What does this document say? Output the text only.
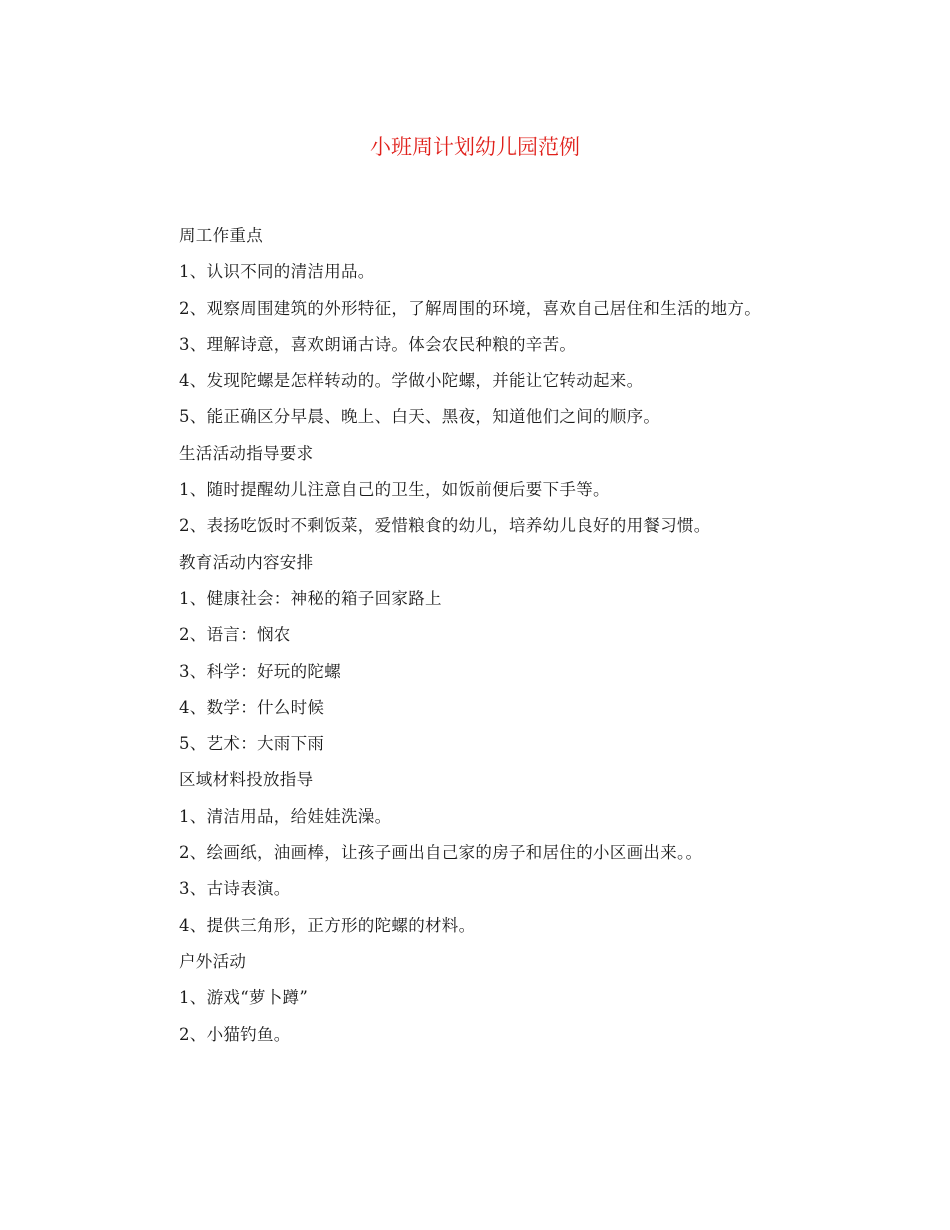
小班周计划幼儿园范例

周工作重点

1、认识不同的清洁用品。

2、观察周围建筑的外形特征，了解周围的环境，喜欢自己居住和生活的地方。

3、理解诗意，喜欢朗诵古诗。体会农民种粮的辛苦。

4、发现陀螺是怎样转动的。学做小陀螺，并能让它转动起来。

5、能正确区分早晨、晚上、白天、黑夜，知道他们之间的顺序。

生活活动指导要求

1、随时提醒幼儿注意自己的卫生，如饭前便后要下手等。

2、表扬吃饭时不剩饭菜，爱惜粮食的幼儿，培养幼儿良好的用餐习惯。

教育活动内容安排

1、健康社会：神秘的箱子回家路上

2、语言：悯农

3、科学：好玩的陀螺

4、数学：什么时候

5、艺术：大雨下雨

区域材料投放指导

1、清洁用品，给娃娃洗澡。

2、绘画纸，油画棒，让孩子画出自己家的房子和居住的小区画出来。。

3、古诗表演。

4、提供三角形，正方形的陀螺的材料。

户外活动

1、游戏“萝卜蹲”

2、小猫钓鱼。
